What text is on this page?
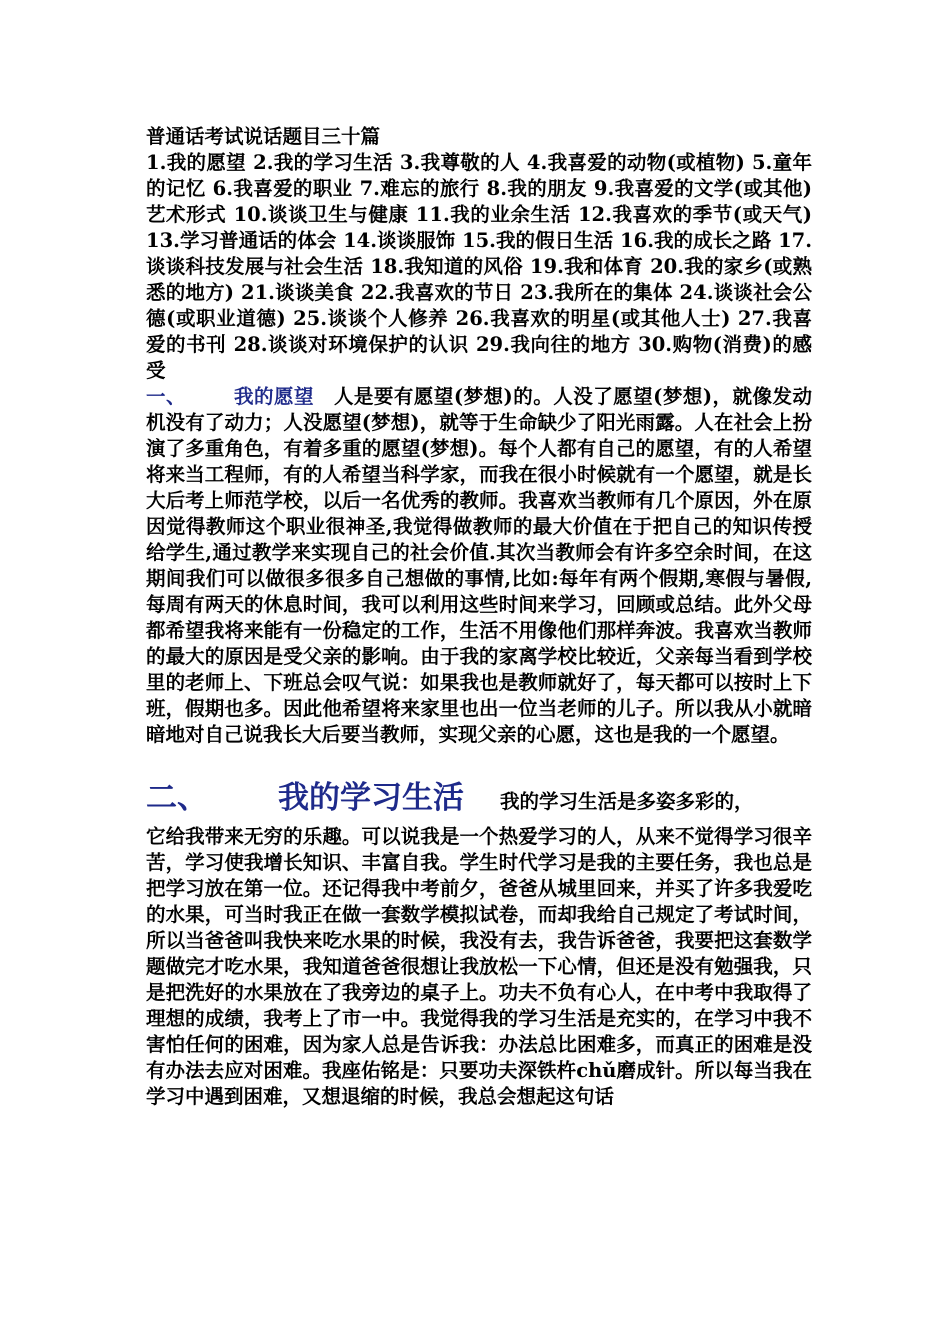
普通话考试说话题目三十篇

1.我的愿望 2.我的学习生活 3.我尊敬的人 4.我喜爱的动物(或植物) 5.童年的记忆 6.我喜爱的职业 7.难忘的旅行 8.我的朋友 9.我喜爱的文学(或其他)艺术形式 10.谈谈卫生与健康 11.我的业余生活 12.我喜欢的季节(或天气) 13.学习普通话的体会 14.谈谈服饰 15.我的假日生活 16.我的成长之路 17.谈谈科技发展与社会生活 18.我知道的风俗 19.我和体育 20.我的家乡(或熟悉的地方) 21.谈谈美食 22.我喜欢的节日 23.我所在的集体 24.谈谈社会公德(或职业道德) 25.谈谈个人修养 26.我喜欢的明星(或其他人士) 27.我喜爱的书刊 28.谈谈对环境保护的认识 29.我向往的地方 30.购物(消费)的感受

一、 我的愿望 人是要有愿望(梦想)的。人没了愿望(梦想)，就像发动机没有了动力；人没愿望(梦想)，就等于生命缺少了阳光雨露。人在社会上扮演了多重角色，有着多重的愿望(梦想)。每个人都有自己的愿望，有的人希望将来当工程师，有的人希望当科学家，而我在很小时候就有一个愿望，就是长大后考上师范学校，以后一名优秀的教师。我喜欢当教师有几个原因，外在原因觉得教师这个职业很神圣,我觉得做教师的最大价值在于把自己的知识传授给学生,通过教学来实现自己的社会价值.其次当教师会有许多空余时间，在这期间我们可以做很多很多自己想做的事情,比如:每年有两个假期,寒假与暑假,每周有两天的休息时间，我可以利用这些时间来学习，回顾或总结。此外父母都希望我将来能有一份稳定的工作，生活不用像他们那样奔波。我喜欢当教师的最大的原因是受父亲的影响。由于我的家离学校比较近，父亲每当看到学校里的老师上、下班总会叹气说：如果我也是教师就好了，每天都可以按时上下班，假期也多。因此他希望将来家里也出一位当老师的儿子。所以我从小就暗暗地对自己说我长大后要当教师，实现父亲的心愿，这也是我的一个愿望。

二、 我的学习生活 我的学习生活是多姿多彩的，

它给我带来无穷的乐趣。可以说我是一个热爱学习的人，从来不觉得学习很辛苦，学习使我增长知识、丰富自我。学生时代学习是我的主要任务，我也总是把学习放在第一位。还记得我中考前夕，爸爸从城里回来，并买了许多我爱吃的水果，可当时我正在做一套数学模拟试卷，而却我给自己规定了考试时间，所以当爸爸叫我快来吃水果的时候，我没有去，我告诉爸爸，我要把这套数学题做完才吃水果，我知道爸爸很想让我放松一下心情，但还是没有勉强我，只是把洗好的水果放在了我旁边的桌子上。功夫不负有心人，在中考中我取得了理想的成绩，我考上了市一中。我觉得我的学习生活是充实的，在学习中我不害怕任何的困难，因为家人总是告诉我：办法总比困难多，而真正的困难是没有办法去应对困难。我座佑铭是：只要功夫深铁杵chǔ磨成针。所以每当我在学习中遇到困难，又想退缩的时候，我总会想起这句话
